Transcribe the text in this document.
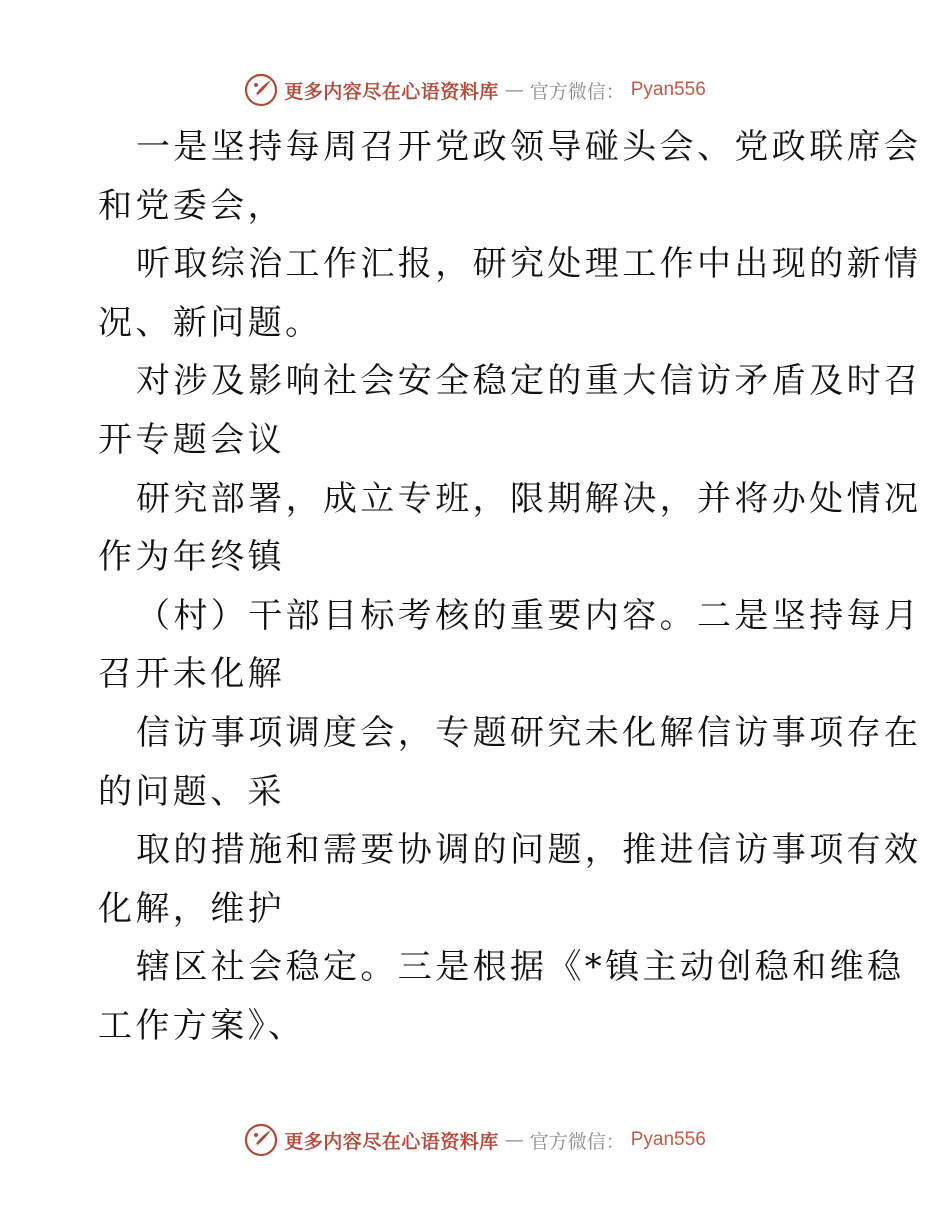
更多内容尽在心语资料库 — 官方微信： Pyan556
一是坚持每周召开党政领导碰头会、党政联席会
和党委会，
听取综治工作汇报，研究处理工作中出现的新情
况、新问题。
对涉及影响社会安全稳定的重大信访矛盾及时召
开专题会议
研究部署，成立专班，限期解决，并将办处情况
作为年终镇
（村）干部目标考核的重要内容。二是坚持每月
召开未化解
信访事项调度会，专题研究未化解信访事项存在
的问题、采
取的措施和需要协调的问题，推进信访事项有效
化解，维护
辖区社会稳定。三是根据《*镇主动创稳和维稳
工作方案》、
更多内容尽在心语资料库 — 官方微信： Pyan556
